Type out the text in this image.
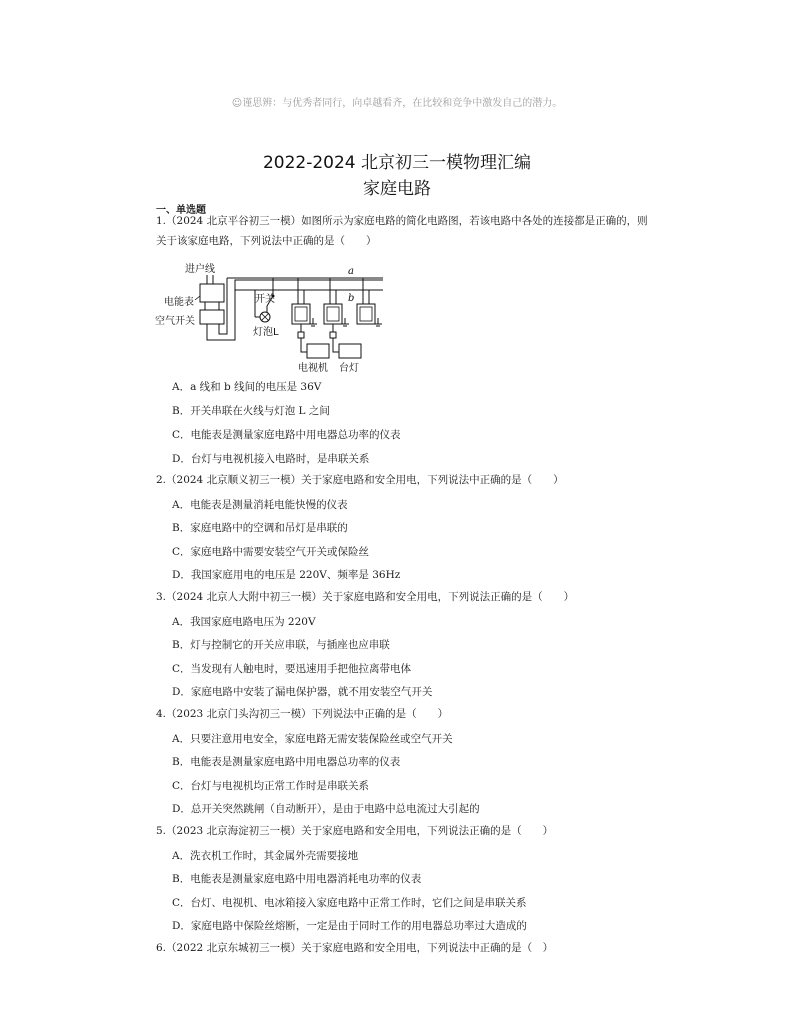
☺谨思辨：与优秀者同行，向卓越看齐，在比较和竞争中激发自己的潜力。
2022-2024 北京初三一模物理汇编
家庭电路
一、单选题
1.（2024 北京平谷初三一模）如图所示为家庭电路的简化电路图，若该电路中各处的连接都是正确的，则
关于该家庭电路，下列说法中正确的是（　　）
进户线
电能表
空气开关
a
b
开关
灯泡L
电视机 台灯
A．a 线和 b 线间的电压是 36V
B．开关串联在火线与灯泡 L 之间
C．电能表是测量家庭电路中用电器总功率的仪表
D．台灯与电视机接入电路时，是串联关系
2.（2024 北京顺义初三一模）关于家庭电路和安全用电，下列说法中正确的是（　　）
A．电能表是测量消耗电能快慢的仪表
B．家庭电路中的空调和吊灯是串联的
C．家庭电路中需要安装空气开关或保险丝
D．我国家庭用电的电压是 220V、频率是 36Hz
3.（2024 北京人大附中初三一模）关于家庭电路和安全用电，下列说法正确的是（　　）
A．我国家庭电路电压为 220V
B．灯与控制它的开关应串联，与插座也应串联
C．当发现有人触电时，要迅速用手把他拉离带电体
D．家庭电路中安装了漏电保护器，就不用安装空气开关
4.（2023 北京门头沟初三一模）下列说法中正确的是（　　）
A．只要注意用电安全，家庭电路无需安装保险丝或空气开关
B．电能表是测量家庭电路中用电器总功率的仪表
C．台灯与电视机均正常工作时是串联关系
D．总开关突然跳闸（自动断开），是由于电路中总电流过大引起的
5.（2023 北京海淀初三一模）关于家庭电路和安全用电，下列说法正确的是（　　）
A．洗衣机工作时，其金属外壳需要接地
B．电能表是测量家庭电路中用电器消耗电功率的仪表
C．台灯、电视机、电冰箱接入家庭电路中正常工作时，它们之间是串联关系
D．家庭电路中保险丝熔断，一定是由于同时工作的用电器总功率过大造成的
6.（2022 北京东城初三一模）关于家庭电路和安全用电，下列说法中正确的是（　）
